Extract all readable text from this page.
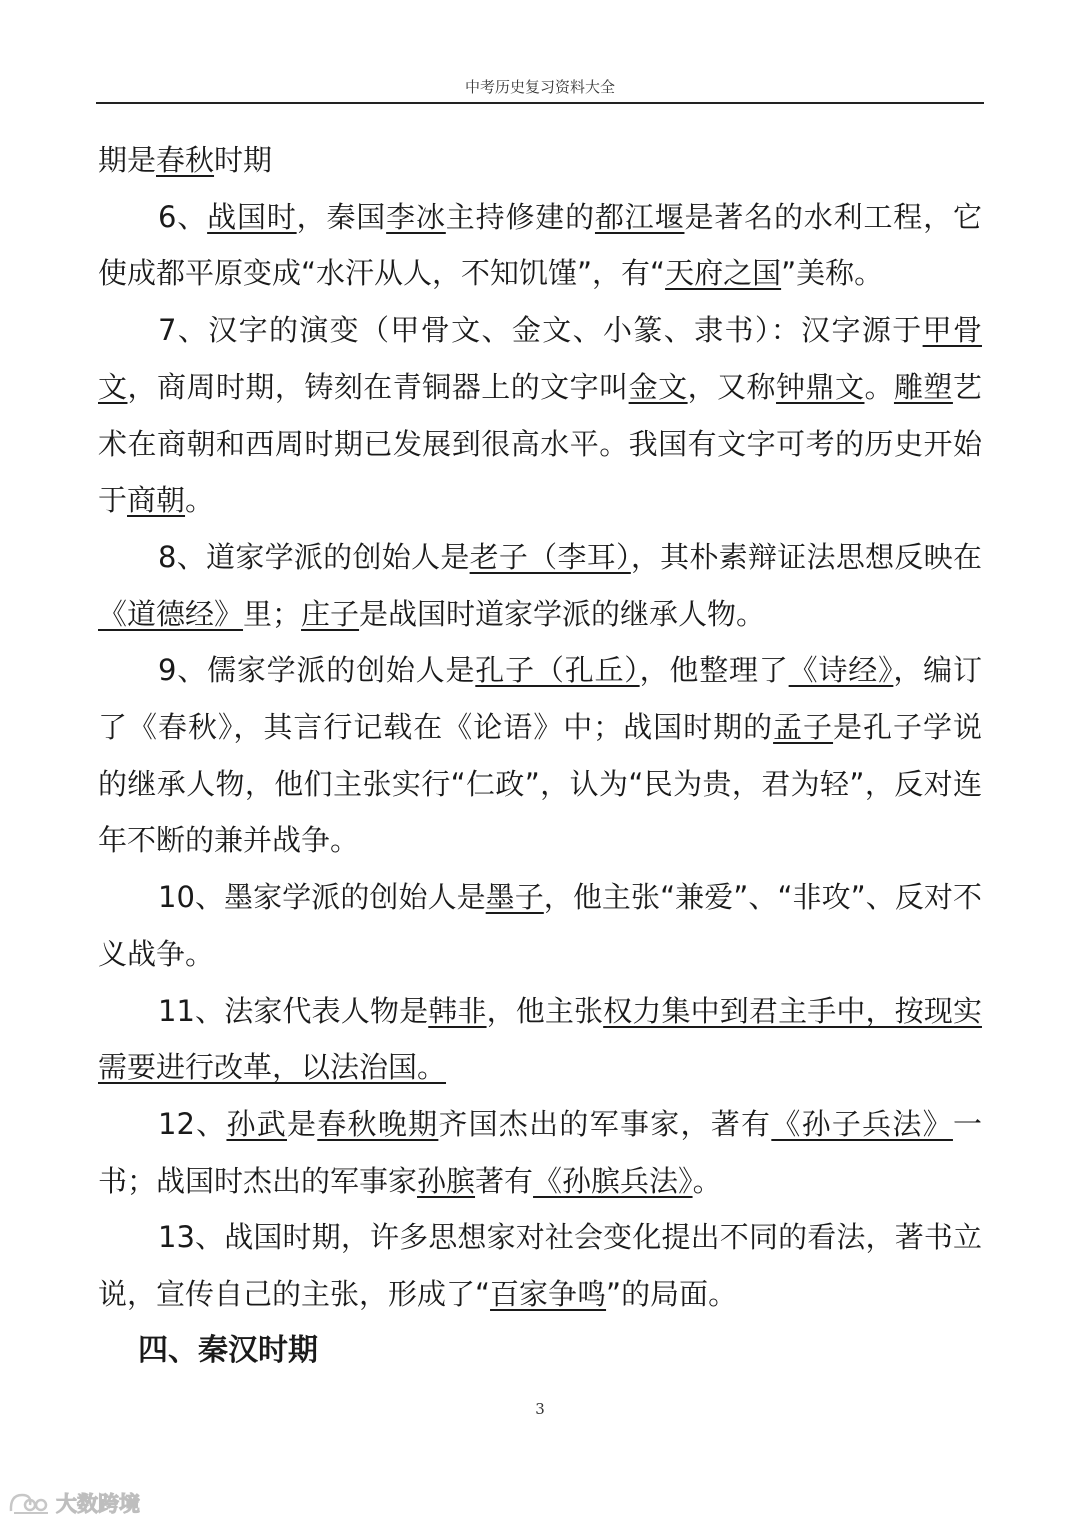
中考历史复习资料大全

期是春秋时期

6、战国时，秦国李冰主持修建的都江堰是著名的水利工程，它使成都平原变成“水汗从人，不知饥馑”，有“天府之国”美称。

7、汉字的演变（甲骨文、金文、小篆、隶书）：汉字源于甲骨文，商周时期，铸刻在青铜器上的文字叫金文，又称钟鼎文。雕塑艺术在商朝和西周时期已发展到很高水平。我国有文字可考的历史开始于商朝。

8、道家学派的创始人是老子（李耳），其朴素辩证法思想反映在《道德经》里；庄子是战国时道家学派的继承人物。

9、儒家学派的创始人是孔子（孔丘），他整理了《诗经》，编订了《春秋》，其言行记载在《论语》中；战国时期的孟子是孔子学说的继承人物，他们主张实行“仁政”，认为“民为贵，君为轻”，反对连年不断的兼并战争。

10、墨家学派的创始人是墨子，他主张“兼爱”、“非攻”、反对不义战争。

11、法家代表人物是韩非，他主张权力集中到君主手中，按现实需要进行改革，以法治国。

12、孙武是春秋晚期齐国杰出的军事家，著有《孙子兵法》一书；战国时杰出的军事家孙膑著有《孙膑兵法》。

13、战国时期，许多思想家对社会变化提出不同的看法，著书立说，宣传自己的主张，形成了“百家争鸣”的局面。

四、秦汉时期
3
大数跨境
